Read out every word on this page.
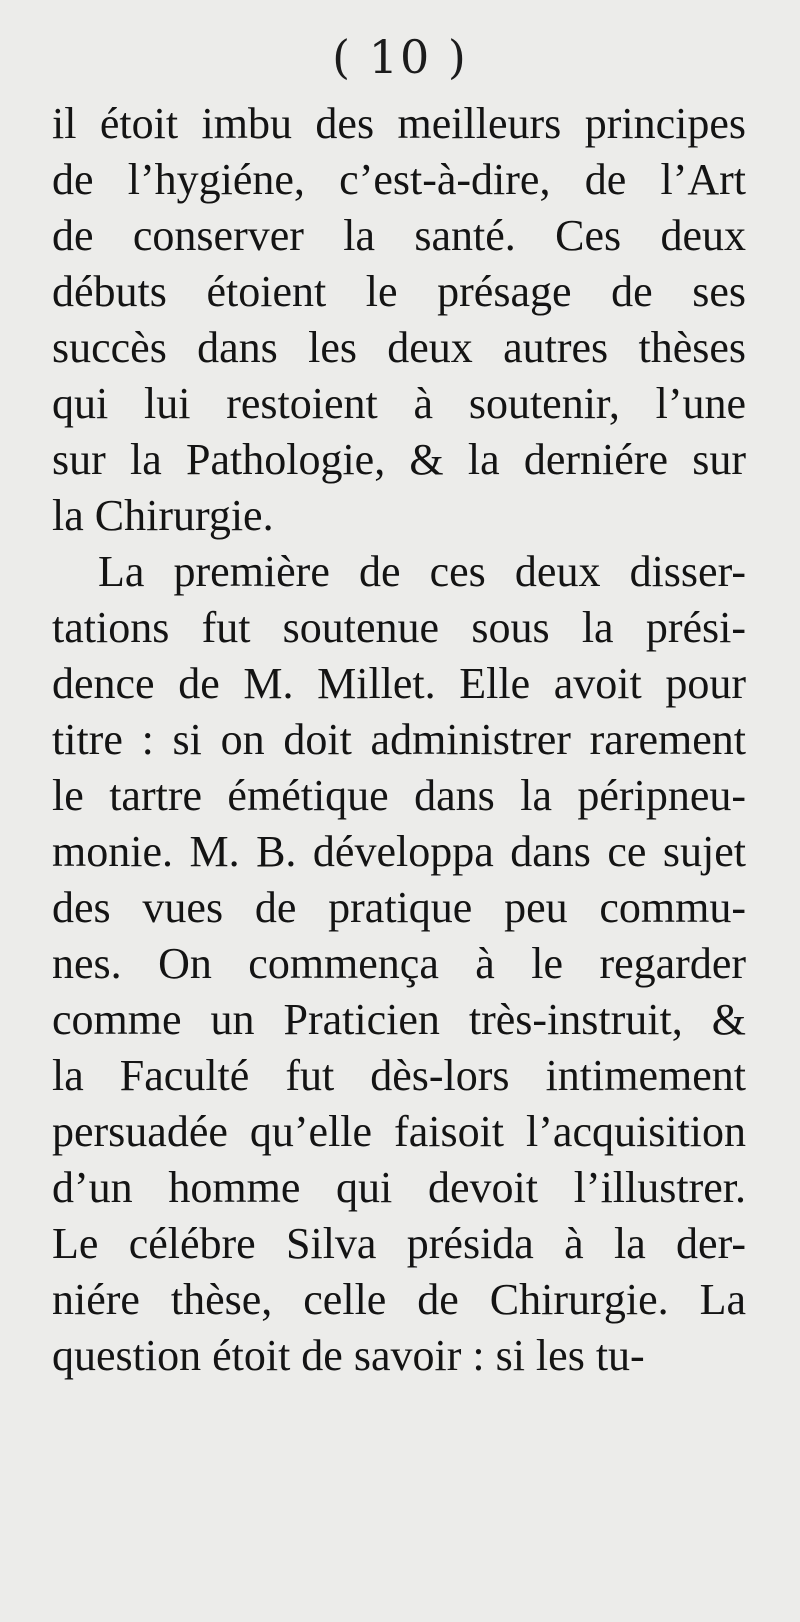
( 10 )
il étoit imbu des meilleurs principes
de l’hygiéne, c’est-à-dire, de l’Art
de conserver la santé. Ces deux
débuts étoient le présage de ses
succès dans les deux autres thèses
qui lui restoient à soutenir, l’une
sur la Pathologie, & la derniére sur
la Chirurgie.
La première de ces deux disser-
tations fut soutenue sous la prési-
dence de M. Millet. Elle avoit pour
titre : si on doit administrer rarement
le tartre émétique dans la péripneu-
monie. M. B. développa dans ce sujet
des vues de pratique peu commu-
nes. On commença à le regarder
comme un Praticien très-instruit, &
la Faculté fut dès-lors intimement
persuadée qu’elle faisoit l’acquisition
d’un homme qui devoit l’illustrer.
Le célébre Silva présida à la der-
niére thèse, celle de Chirurgie. La
question étoit de savoir : si les tu-
